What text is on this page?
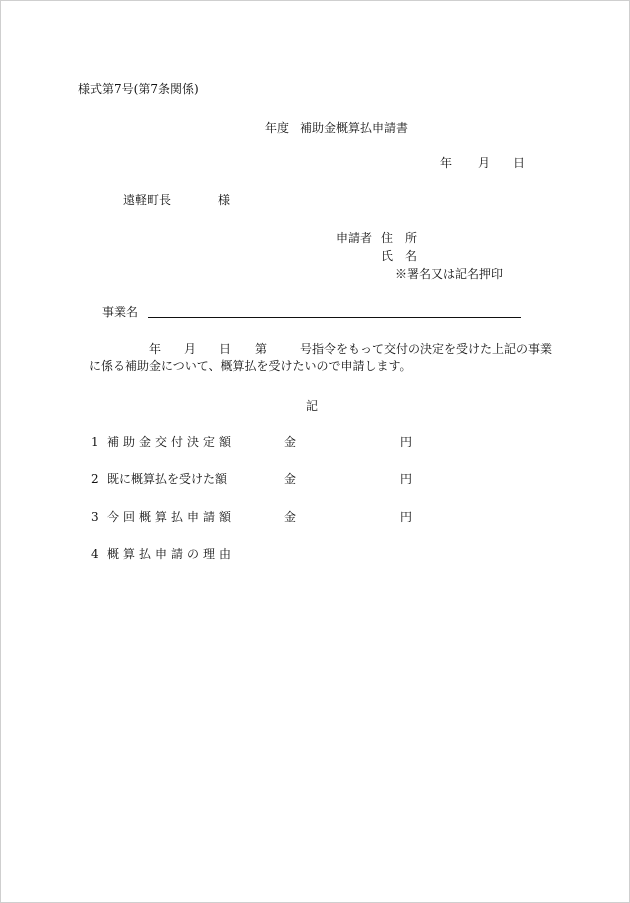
様式第7号(第7条関係)
年度 補助金概算払申請書
年 月 日
遠軽町長	様
申請者 住　所
氏　名
※署名又は記名押印
事業名
年 月 日 第	号指令をもって交付の決定を受けた上記の事業
に係る補助金について、概算払を受けたいので申請します。
記
1 補助金交付決定額	金	円
2 既に概算払を受けた額	金	円
3 今回概算払申請額	金	円
4 概算払申請の理由
